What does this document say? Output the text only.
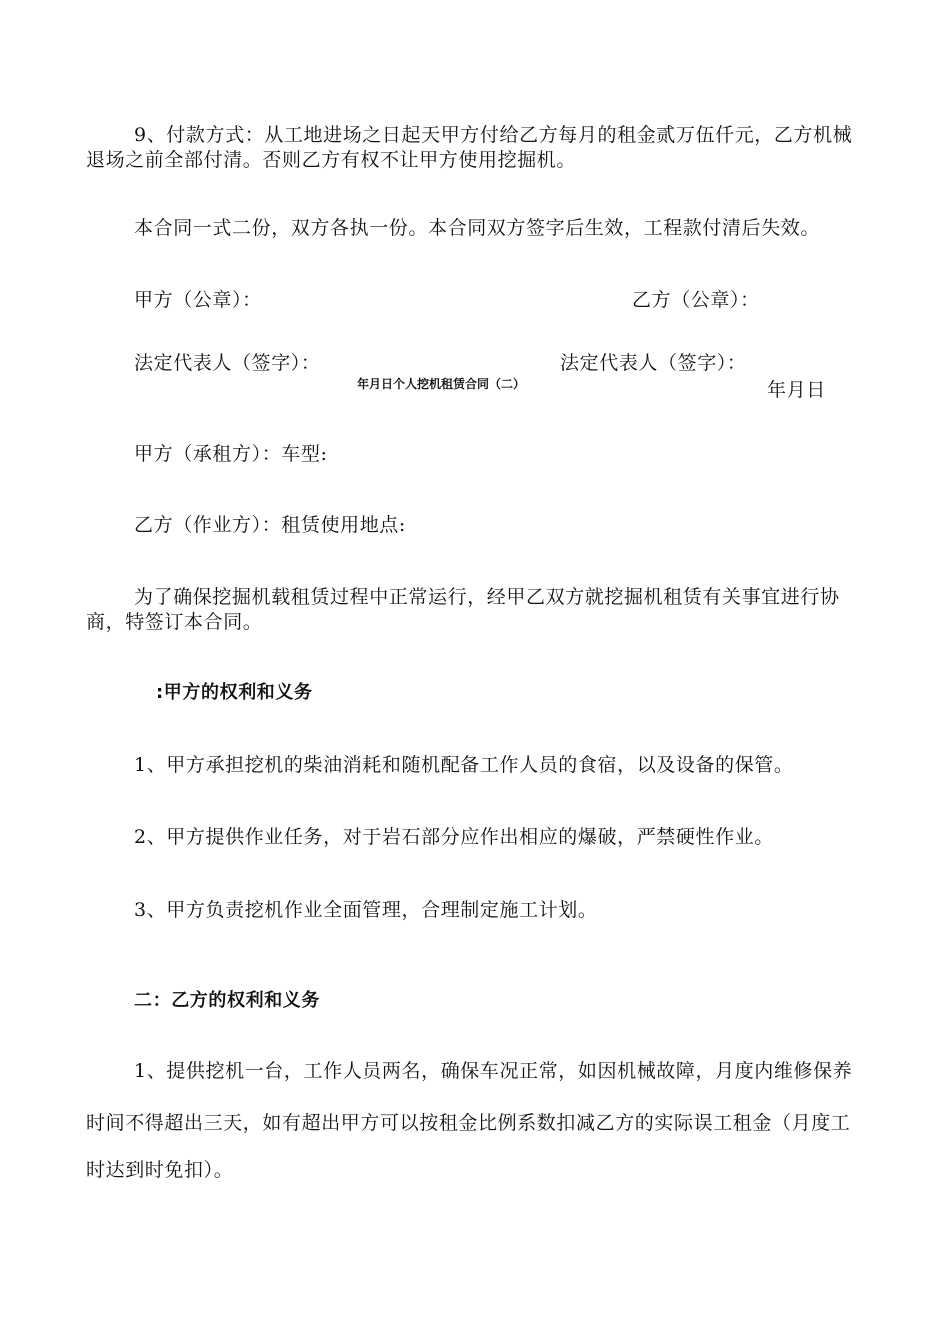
9、付款方式：从工地进场之日起天甲方付给乙方每月的租金贰万伍仟元，乙方机械
退场之前全部付清。否则乙方有权不让甲方使用挖掘机。
本合同一式二份，双方各执一份。本合同双方签字后生效，工程款付清后失效。
甲方（公章）：	乙方（公章）：
法定代表人（签字）：	法定代表人（签字）：
年月日个人挖机租赁合同（二）	年月日
甲方（承租方）：车型:
乙方（作业方）：租赁使用地点:
为了确保挖掘机载租赁过程中正常运行，经甲乙双方就挖掘机租赁有关事宜进行协
商，特签订本合同。
:甲方的权利和义务
1、甲方承担挖机的柴油消耗和随机配备工作人员的食宿，以及设备的保管。
2、甲方提供作业任务，对于岩石部分应作出相应的爆破，严禁硬性作业。
3、甲方负责挖机作业全面管理，合理制定施工计划。
二：乙方的权利和义务
1、提供挖机一台，工作人员两名，确保车况正常，如因机械故障，月度内维修保养
时间不得超出三天，如有超出甲方可以按租金比例系数扣减乙方的实际误工租金（月度工
时达到时免扣）。
